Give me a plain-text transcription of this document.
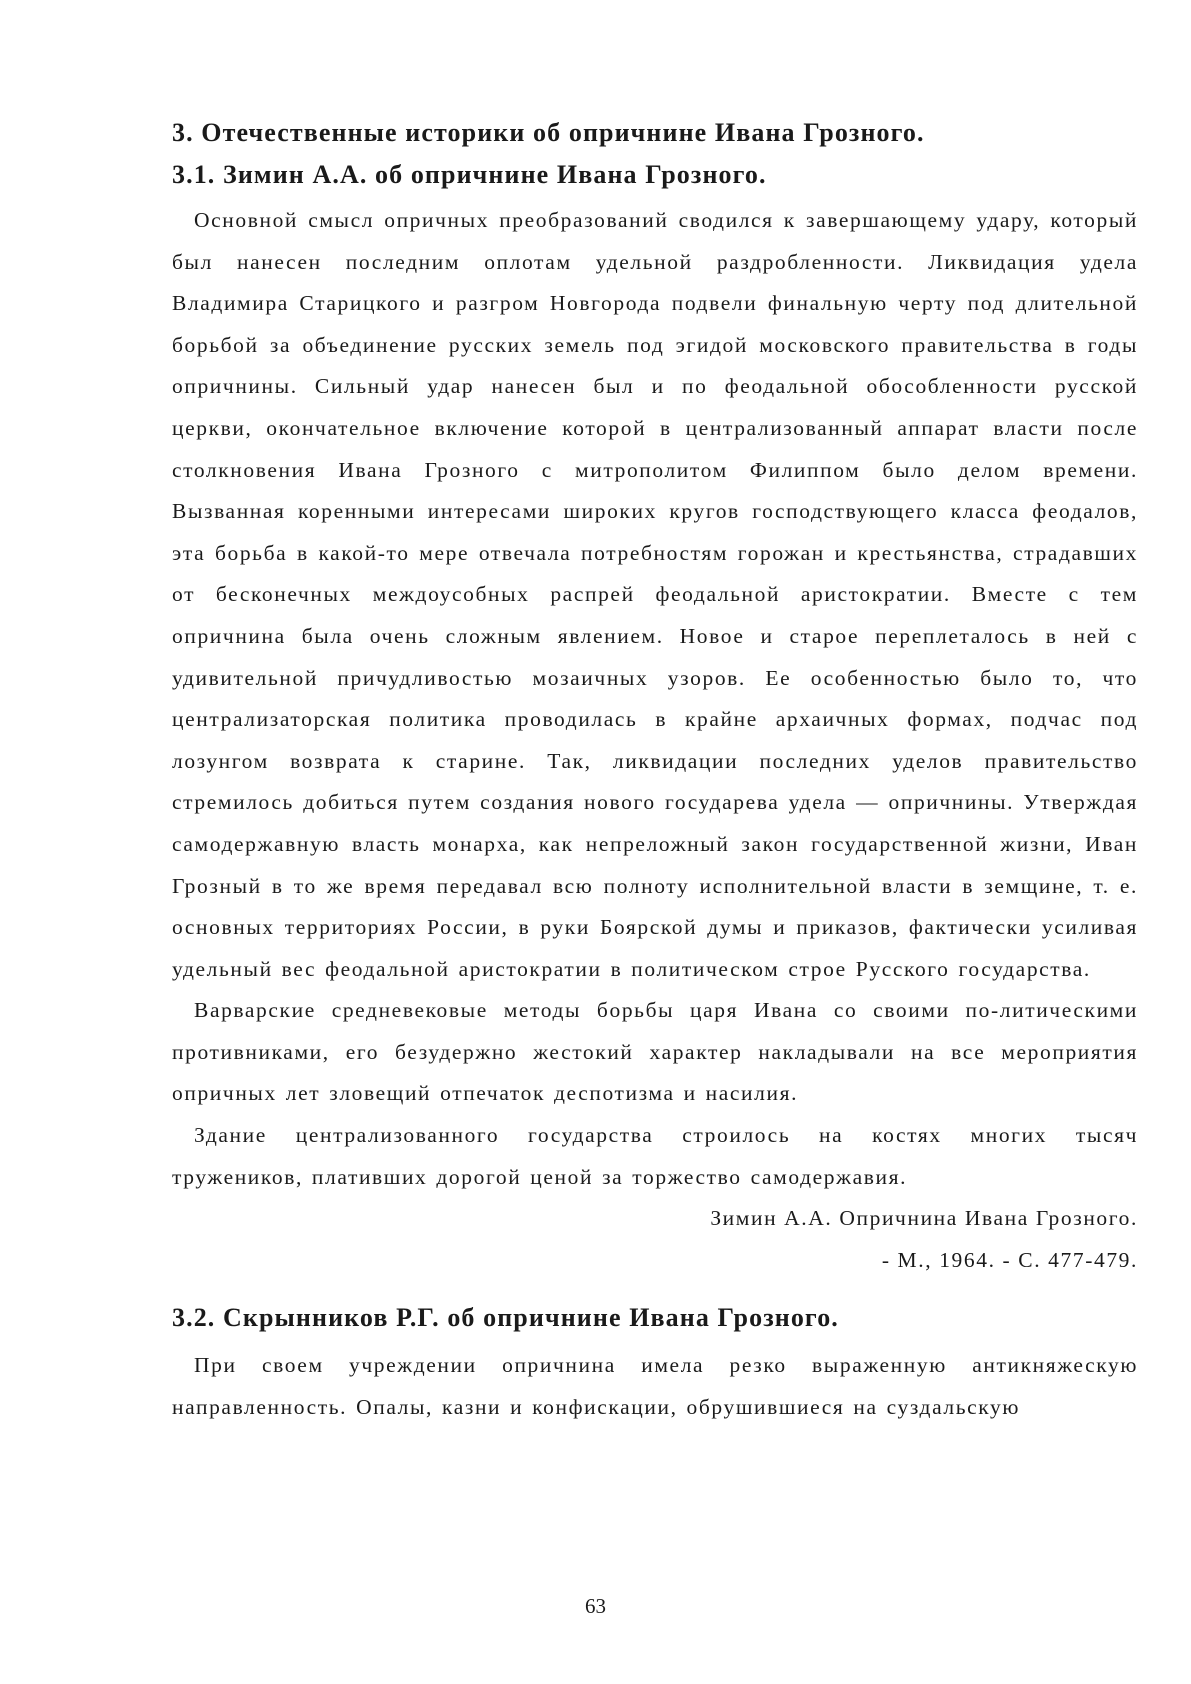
3. Отечественные историки об опричнине Ивана Грозного.
3.1. Зимин А.А. об опричнине Ивана Грозного.

Основной смысл опричных преобразований сводился к завершающему удару, который был нанесен последним оплотам удельной раздробленности. Ликвидация удела Владимира Старицкого и разгром Новгорода подвели финальную черту под длительной борьбой за объединение русских земель под эгидой московского правительства в годы опричнины. Сильный удар нанесен был и по феодальной обособленности русской церкви, окончательное включение которой в централизованный аппарат власти после столкновения Ивана Грозного с митрополитом Филиппом было делом времени. Вызванная коренными интересами широких кругов господствующего класса феодалов, эта борьба в какой-то мере отвечала потребностям горожан и крестьянства, страдавших от бесконечных междоусобных распрей феодальной аристократии. Вместе с тем опричнина была очень сложным явлением. Новое и старое переплеталось в ней с удивительной причудливостью мозаичных узоров. Ее особенностью было то, что централизаторская политика проводилась в крайне архаичных формах, подчас под лозунгом возврата к старине. Так, ликвидации последних уделов правительство стремилось добиться путем создания нового государева удела — опричнины. Утверждая самодержавную власть монарха, как непреложный закон государственной жизни, Иван Грозный в то же время передавал всю полноту исполнительной власти в земщине, т. е. основных территориях России, в руки Боярской думы и приказов, фактически усиливая удельный вес феодальной аристократии в политическом строе Русского государства.

Варварские средневековые методы борьбы царя Ивана со своими по-литическими противниками, его безудержно жестокий характер накладывали на все мероприятия опричных лет зловещий отпечаток деспотизма и насилия.

Здание централизованного государства строилось на костях многих тысяч тружеников, плативших дорогой ценой за торжество самодержавия.

Зимин А.А. Опричнина Ивана Грозного.

- М., 1964. - С. 477-479.

3.2. Скрынников Р.Г. об опричнине Ивана Грозного.

При своем учреждении опричнина имела резко выраженную антикняжескую направленность. Опалы, казни и конфискации, обрушившиеся на суздальскую

63
